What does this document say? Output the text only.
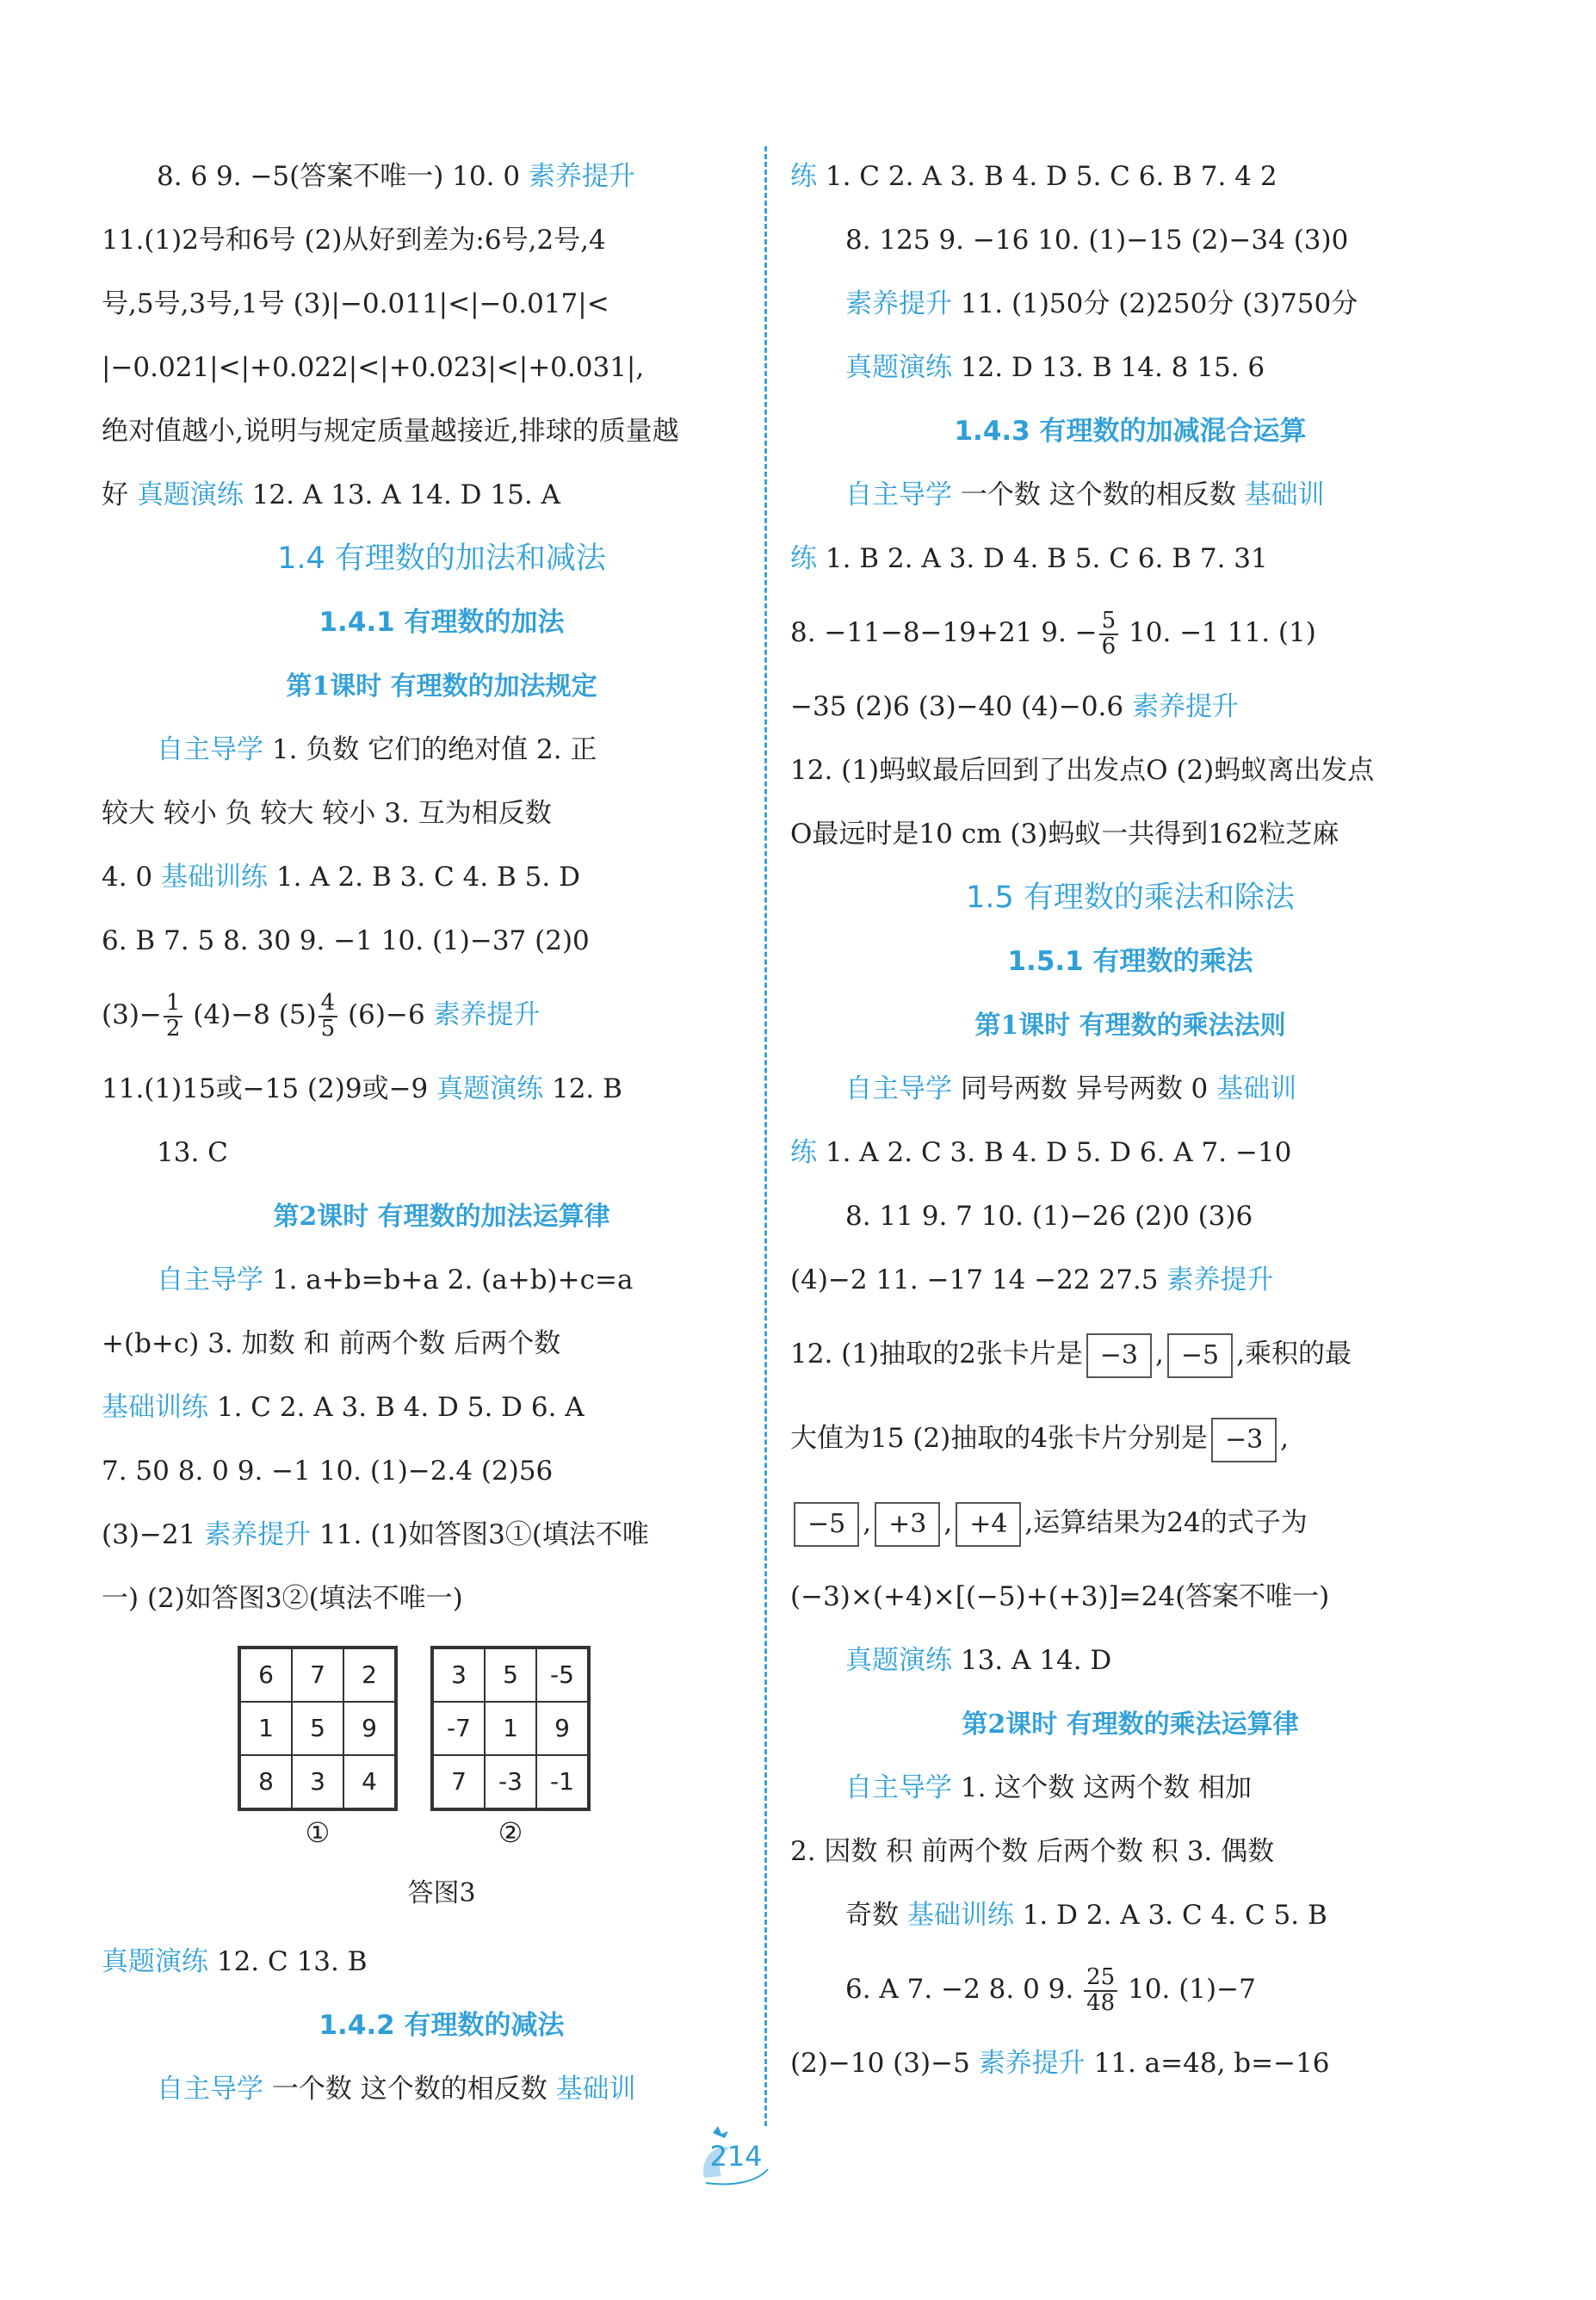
8. 6 9. −5(答案不唯一) 10. 0 素养提升
11.(1)2号和6号 (2)从好到差为:6号,2号,4
号,5号,3号,1号 (3)|−0.011|<|−0.017|<
|−0.021|<|+0.022|<|+0.023|<|+0.031|,
绝对值越小,说明与规定质量越接近,排球的质量越
好 真题演练 12. A 13. A 14. D 15. A
1.4 有理数的加法和减法
1.4.1 有理数的加法
第1课时 有理数的加法规定
自主导学 1. 负数 它们的绝对值 2. 正
较大 较小 负 较大 较小 3. 互为相反数
4. 0 基础训练 1. A 2. B 3. C 4. B 5. D
6. B 7. 5 8. 30 9. −1 10. (1)−37 (2)0
$(3)- \frac{1}{2} (4)-8$ $(5) \frac{4}{5} (6)-6$ 素养提升
11.(1)15或−15 (2)9或−9 真题演练 12. B
13. C
第2课时 有理数的加法运算律
自主导学 1. a+b=b+a 2. (a+b)+c=a
+(b+c) 3. 加数 和 前两个数 后两个数
基础训练 1. C 2. A 3. B 4. D 5. D 6. A
7. 50 8. 0 9. −1 10. (1)−2.4 (2)56
(3)−21 素养提升 11. (1)如答图3①(填法不唯
一) (2)如答图3②(填法不唯一)
6	7	2
1	5	9
8	3	4
①
3	5	-5
-7	1	9
7	-3	-1
②
答图3
真题演练 12. C 13. B
1.4.2 有理数的减法
自主导学 一个数 这个数的相反数 基础训
练 1. C 2. A 3. B 4. D 5. C 6. B 7. 4 2
8. 125 9. −16 10. (1)−15 (2)−34 (3)0
素养提升 11. (1)50分 (2)250分 (3)750分
真题演练 12. D 13. B 14. 8 15. 6
1.4.3 有理数的加减混合运算
自主导学 一个数 这个数的相反数 基础训
练 1. B 2. A 3. D 4. B 5. C 6. B 7. 31
8. −11−8−19+21 9. − $\frac{5}{6} 10$. −1 11. (1)
−35 (2)6 (3)−40 (4)−0.6 素养提升
12. (1)蚂蚁最后回到了出发点O (2)蚂蚁离出发点
O最远时是10 cm (3)蚂蚁一共得到162粒芝麻
1.5 有理数的乘法和除法
1.5.1 有理数的乘法
第1课时 有理数的乘法法则
自主导学 同号两数 异号两数 0 基础训
练 1. A 2. C 3. B 4. D 5. D 6. A 7. −10
8. 11 9. 7 10. (1)−26 (2)0 (3)6
(4)−2 11. −17 14 −22 27.5 素养提升
12. (1)抽取的2张卡片是 −3 , −5 ,乘积的最
大值为15 (2)抽取的4张卡片分别是 −3 ,
−5 , +3 , +4 ,运算结果为24的式子为
(−3)×(+4)×[(−5)+(+3)]=24(答案不唯一)
真题演练 13. A 14. D
第2课时 有理数的乘法运算律
自主导学 1. 这个数 这两个数 相加
2. 因数 积 前两个数 后两个数 积 3. 偶数
奇数 基础训练 1. D 2. A 3. C 4. C 5. B
6. A 7. −2 8. 0 9. $\frac{25}{48} 10$. (1)−7
(2)−10 (3)−5 素养提升 11. a=48, b=−16
214
